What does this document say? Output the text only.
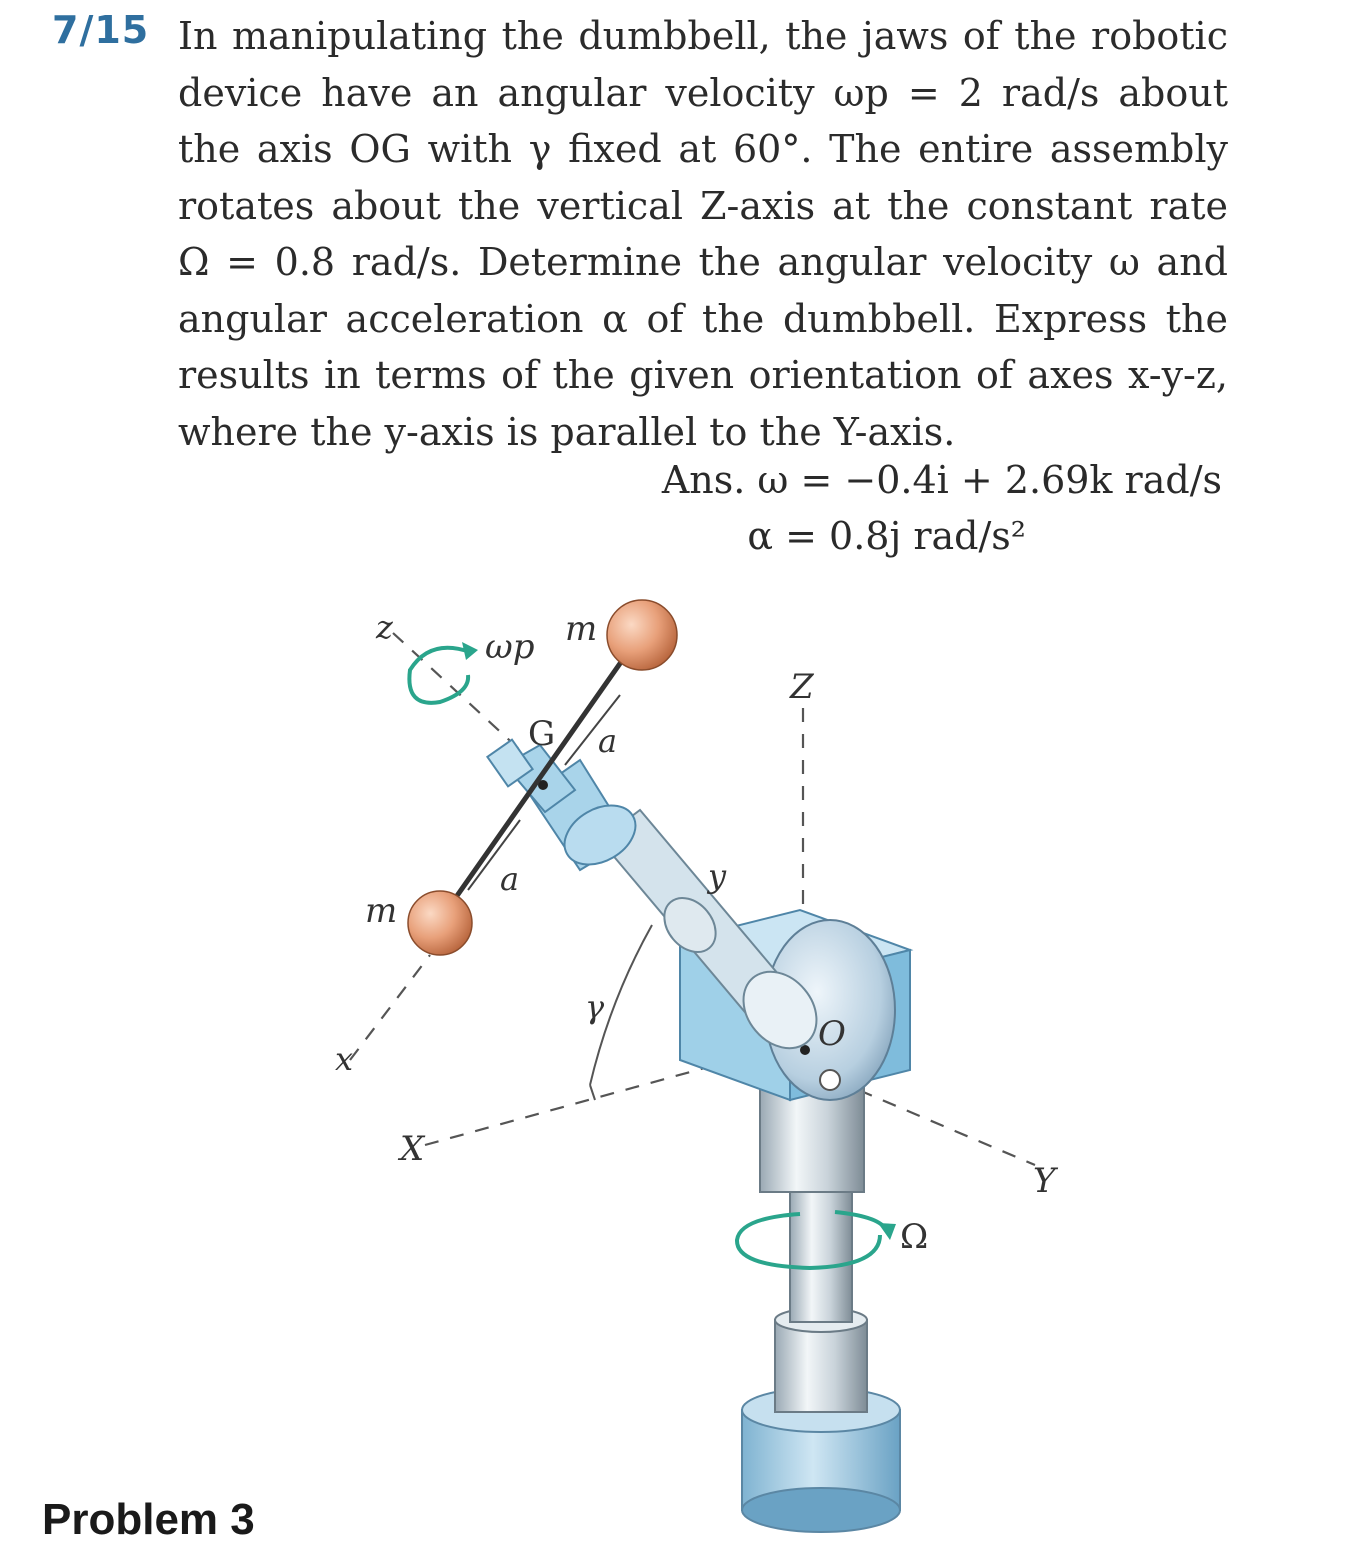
7/15 In manipulating the dumbbell, the jaws of the robotic
device have an angular velocity ωp = 2 rad/s about
the axis OG with γ fixed at 60°. The entire assembly
rotates about the vertical Z-axis at the constant rate
Ω = 0.8 rad/s. Determine the angular velocity ω and
angular acceleration α of the dumbbell. Express the
results in terms of the given orientation of axes x-y-z,
where the y-axis is parallel to the Y-axis.
Ans. ω = −0.4i + 2.69k rad/s
α = 0.8j rad/s²
z	ωp m
G a
Z
a	y
m
γ
O
x
X
Y
Ω
Problem 3
